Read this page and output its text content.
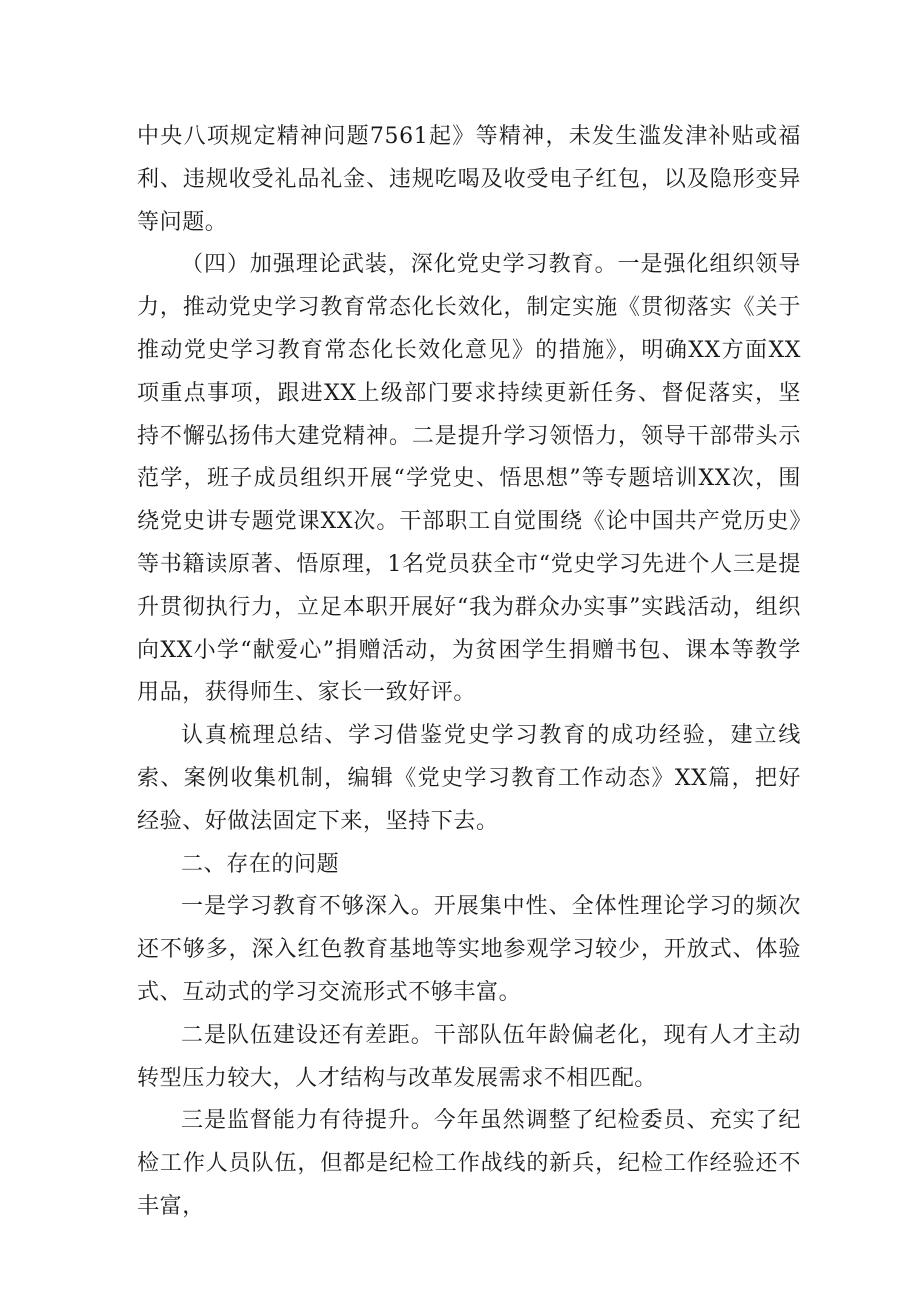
中央八项规定精神问题7561起》等精神，未发生滥发津补贴或福利、违规收受礼品礼金、违规吃喝及收受电子红包，以及隐形变异等问题。

（四）加强理论武装，深化党史学习教育。一是强化组织领导力，推动党史学习教育常态化长效化，制定实施《贯彻落实《关于推动党史学习教育常态化长效化意见》的措施》，明确XX方面XX项重点事项，跟进XX上级部门要求持续更新任务、督促落实，坚持不懈弘扬伟大建党精神。二是提升学习领悟力，领导干部带头示范学，班子成员组织开展“学党史、悟思想”等专题培训XX次，围绕党史讲专题党课XX次。干部职工自觉围绕《论中国共产党历史》等书籍读原著、悟原理，1名党员获全市“党史学习先进个人三是提升贯彻执行力，立足本职开展好“我为群众办实事”实践活动，组织向XX小学“献爱心”捐赠活动，为贫困学生捐赠书包、课本等教学用品，获得师生、家长一致好评。

认真梳理总结、学习借鉴党史学习教育的成功经验，建立线索、案例收集机制，编辑《党史学习教育工作动态》XX篇，把好经验、好做法固定下来，坚持下去。

二、存在的问题

一是学习教育不够深入。开展集中性、全体性理论学习的频次还不够多，深入红色教育基地等实地参观学习较少，开放式、体验式、互动式的学习交流形式不够丰富。

二是队伍建设还有差距。干部队伍年龄偏老化，现有人才主动转型压力较大，人才结构与改革发展需求不相匹配。

三是监督能力有待提升。今年虽然调整了纪检委员、充实了纪检工作人员队伍，但都是纪检工作战线的新兵，纪检工作经验还不丰富，
